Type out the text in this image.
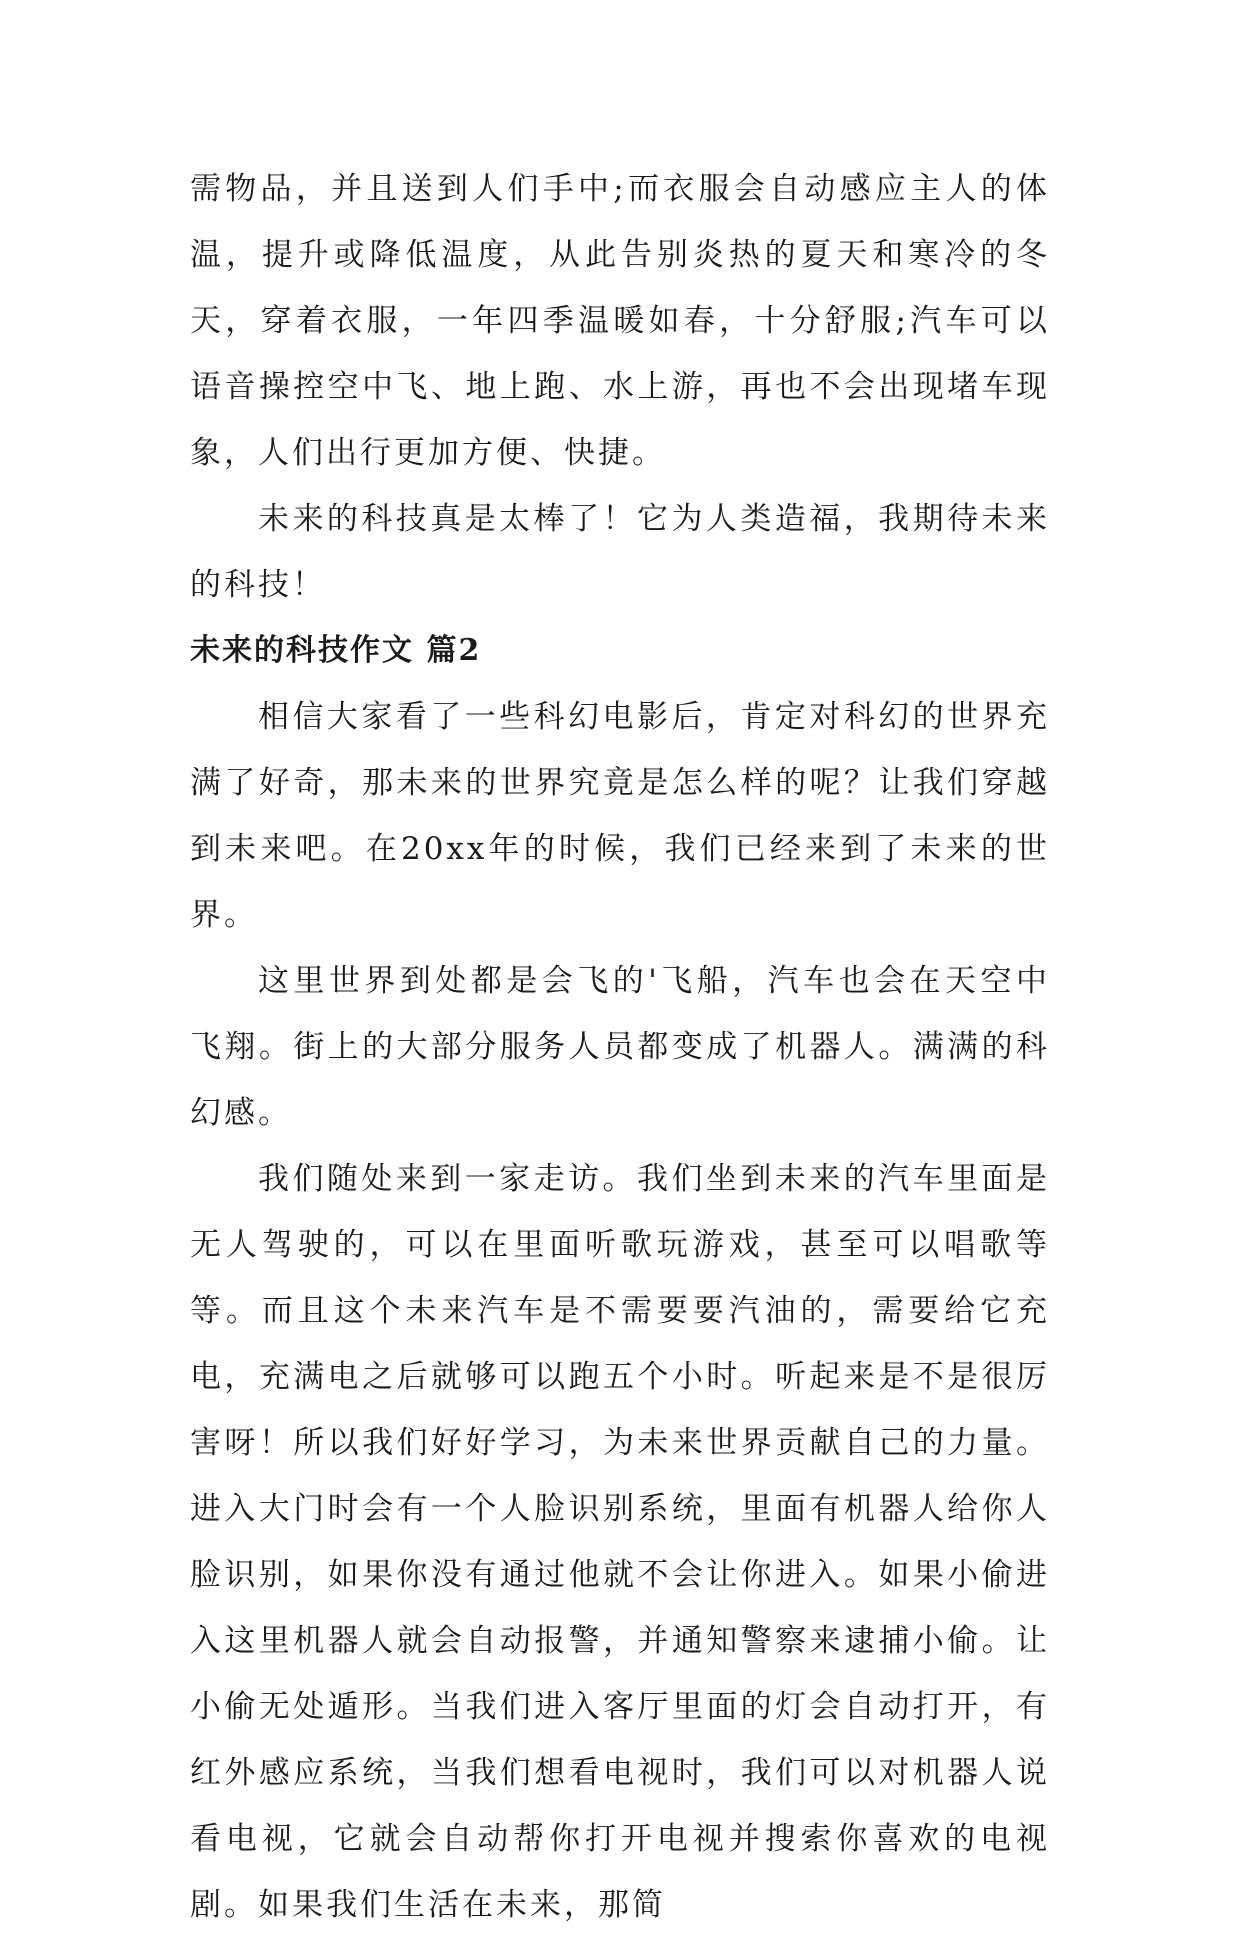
需物品，并且送到人们手中;而衣服会自动感应主人的体温，提升或降低温度，从此告别炎热的夏天和寒冷的冬天，穿着衣服，一年四季温暖如春，十分舒服;汽车可以语音操控空中飞、地上跑、水上游，再也不会出现堵车现象，人们出行更加方便、快捷。

未来的科技真是太棒了！它为人类造福，我期待未来的科技！

未来的科技作文 篇2

相信大家看了一些科幻电影后，肯定对科幻的世界充满了好奇，那未来的世界究竟是怎么样的呢？让我们穿越到未来吧。在20xx年的时候，我们已经来到了未来的世界。

这里世界到处都是会飞的'飞船，汽车也会在天空中飞翔。街上的大部分服务人员都变成了机器人。满满的科幻感。

我们随处来到一家走访。我们坐到未来的汽车里面是无人驾驶的，可以在里面听歌玩游戏，甚至可以唱歌等等。而且这个未来汽车是不需要要汽油的，需要给它充电，充满电之后就够可以跑五个小时。听起来是不是很厉害呀！所以我们好好学习，为未来世界贡献自己的力量。进入大门时会有一个人脸识别系统，里面有机器人给你人脸识别，如果你没有通过他就不会让你进入。如果小偷进入这里机器人就会自动报警，并通知警察来逮捕小偷。让小偷无处遁形。当我们进入客厅里面的灯会自动打开，有红外感应系统，当我们想看电视时，我们可以对机器人说看电视，它就会自动帮你打开电视并搜索你喜欢的电视剧。如果我们生活在未来，那简
